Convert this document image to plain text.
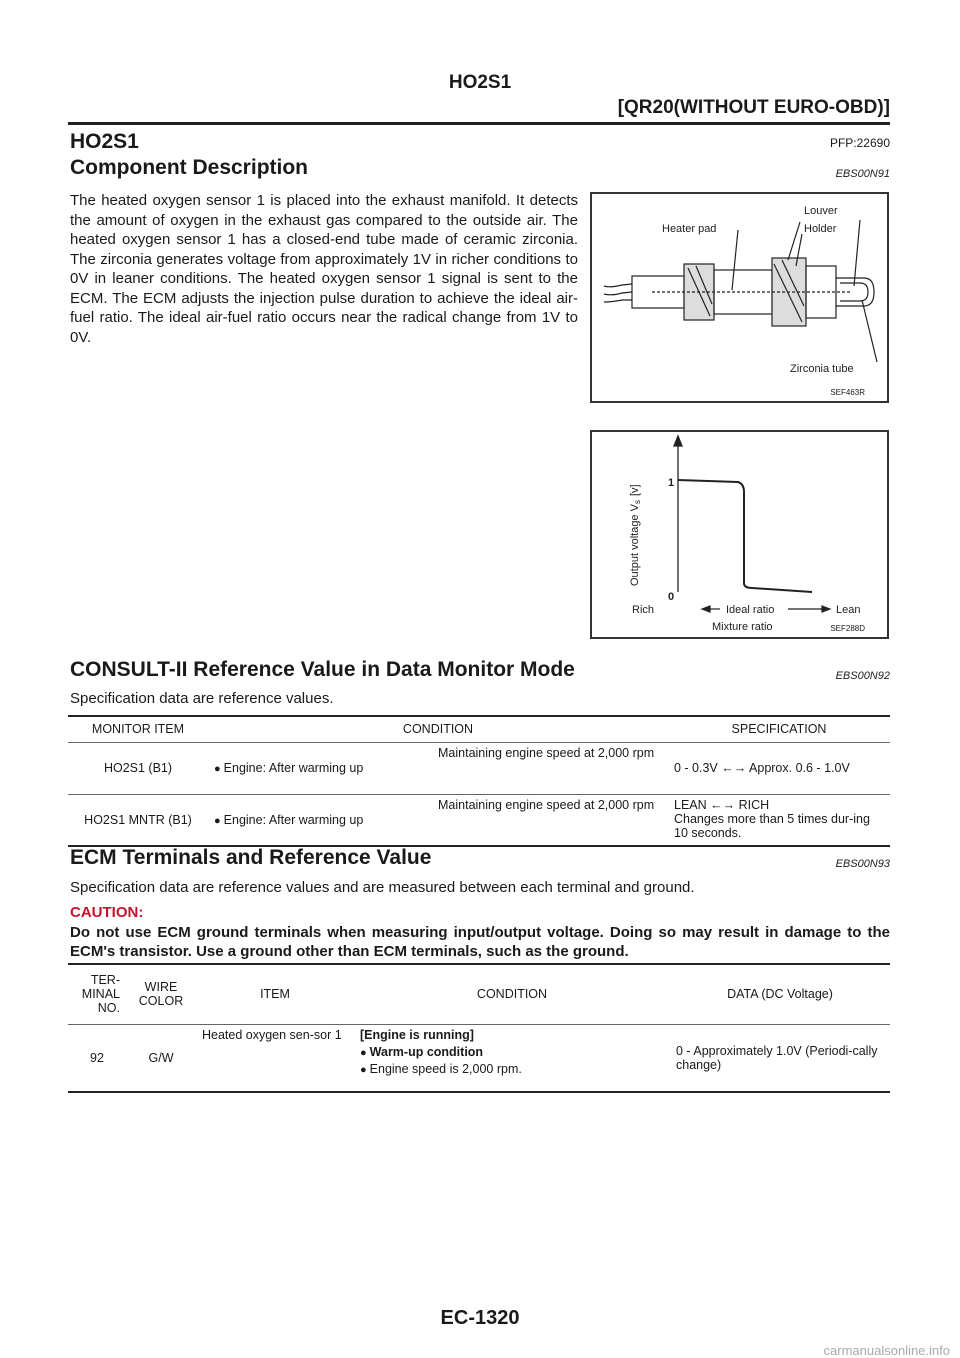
HO2S1
[QR20(WITHOUT EURO-OBD)]
HO2S1	PFP:22690
Component Description	EBS00N91
The heated oxygen sensor 1 is placed into the exhaust manifold. It detects the amount of oxygen in the exhaust gas compared to the outside air. The heated oxygen sensor 1 has a closed-end tube made of ceramic zirconia. The zirconia generates voltage from approximately 1V in richer conditions to 0V in leaner conditions. The heated oxygen sensor 1 signal is sent to the ECM. The ECM adjusts the injection pulse duration to achieve the ideal air-fuel ratio. The ideal air-fuel ratio occurs near the radical change from 1V to 0V.
Heater pad
Louver
Holder
Zirconia tube
SEF463R
1
0
Output voltage Vs[v]
Rich	Ideal ratio	Lean
Mixture ratio	SEF288D
CONSULT-II Reference Value in Data Monitor Mode	EBS00N92
Specification data are reference values.
MONITOR ITEM	CONDITION		SPECIFICATION
HO2S1 (B1)	● Engine: After warming up	Maintaining engine speed at 2,000 rpm	0 - 0.3V ←→ Approx. 0.6 - 1.0V
HO2S1 MNTR (B1)	● Engine: After warming up	Maintaining engine speed at 2,000 rpm	LEAN ←→ RICH
Changes more than 5 times dur-ing 10 seconds.
ECM Terminals and Reference Value	EBS00N93
Specification data are reference values and are measured between each terminal and ground.
CAUTION:
Do not use ECM ground terminals when measuring input/output voltage. Doing so may result in damage to the ECM's transistor. Use a ground other than ECM terminals, such as the ground.
TER-MINAL NO.	WIRE COLOR	ITEM	CONDITION	DATA (DC Voltage)
92	G/W	Heated oxygen sen-sor 1	[Engine is running]
● Warm-up condition
● Engine speed is 2,000 rpm.	0 - Approximately 1.0V (Periodi-cally change)
EC-1320
carmanualsonline.info
